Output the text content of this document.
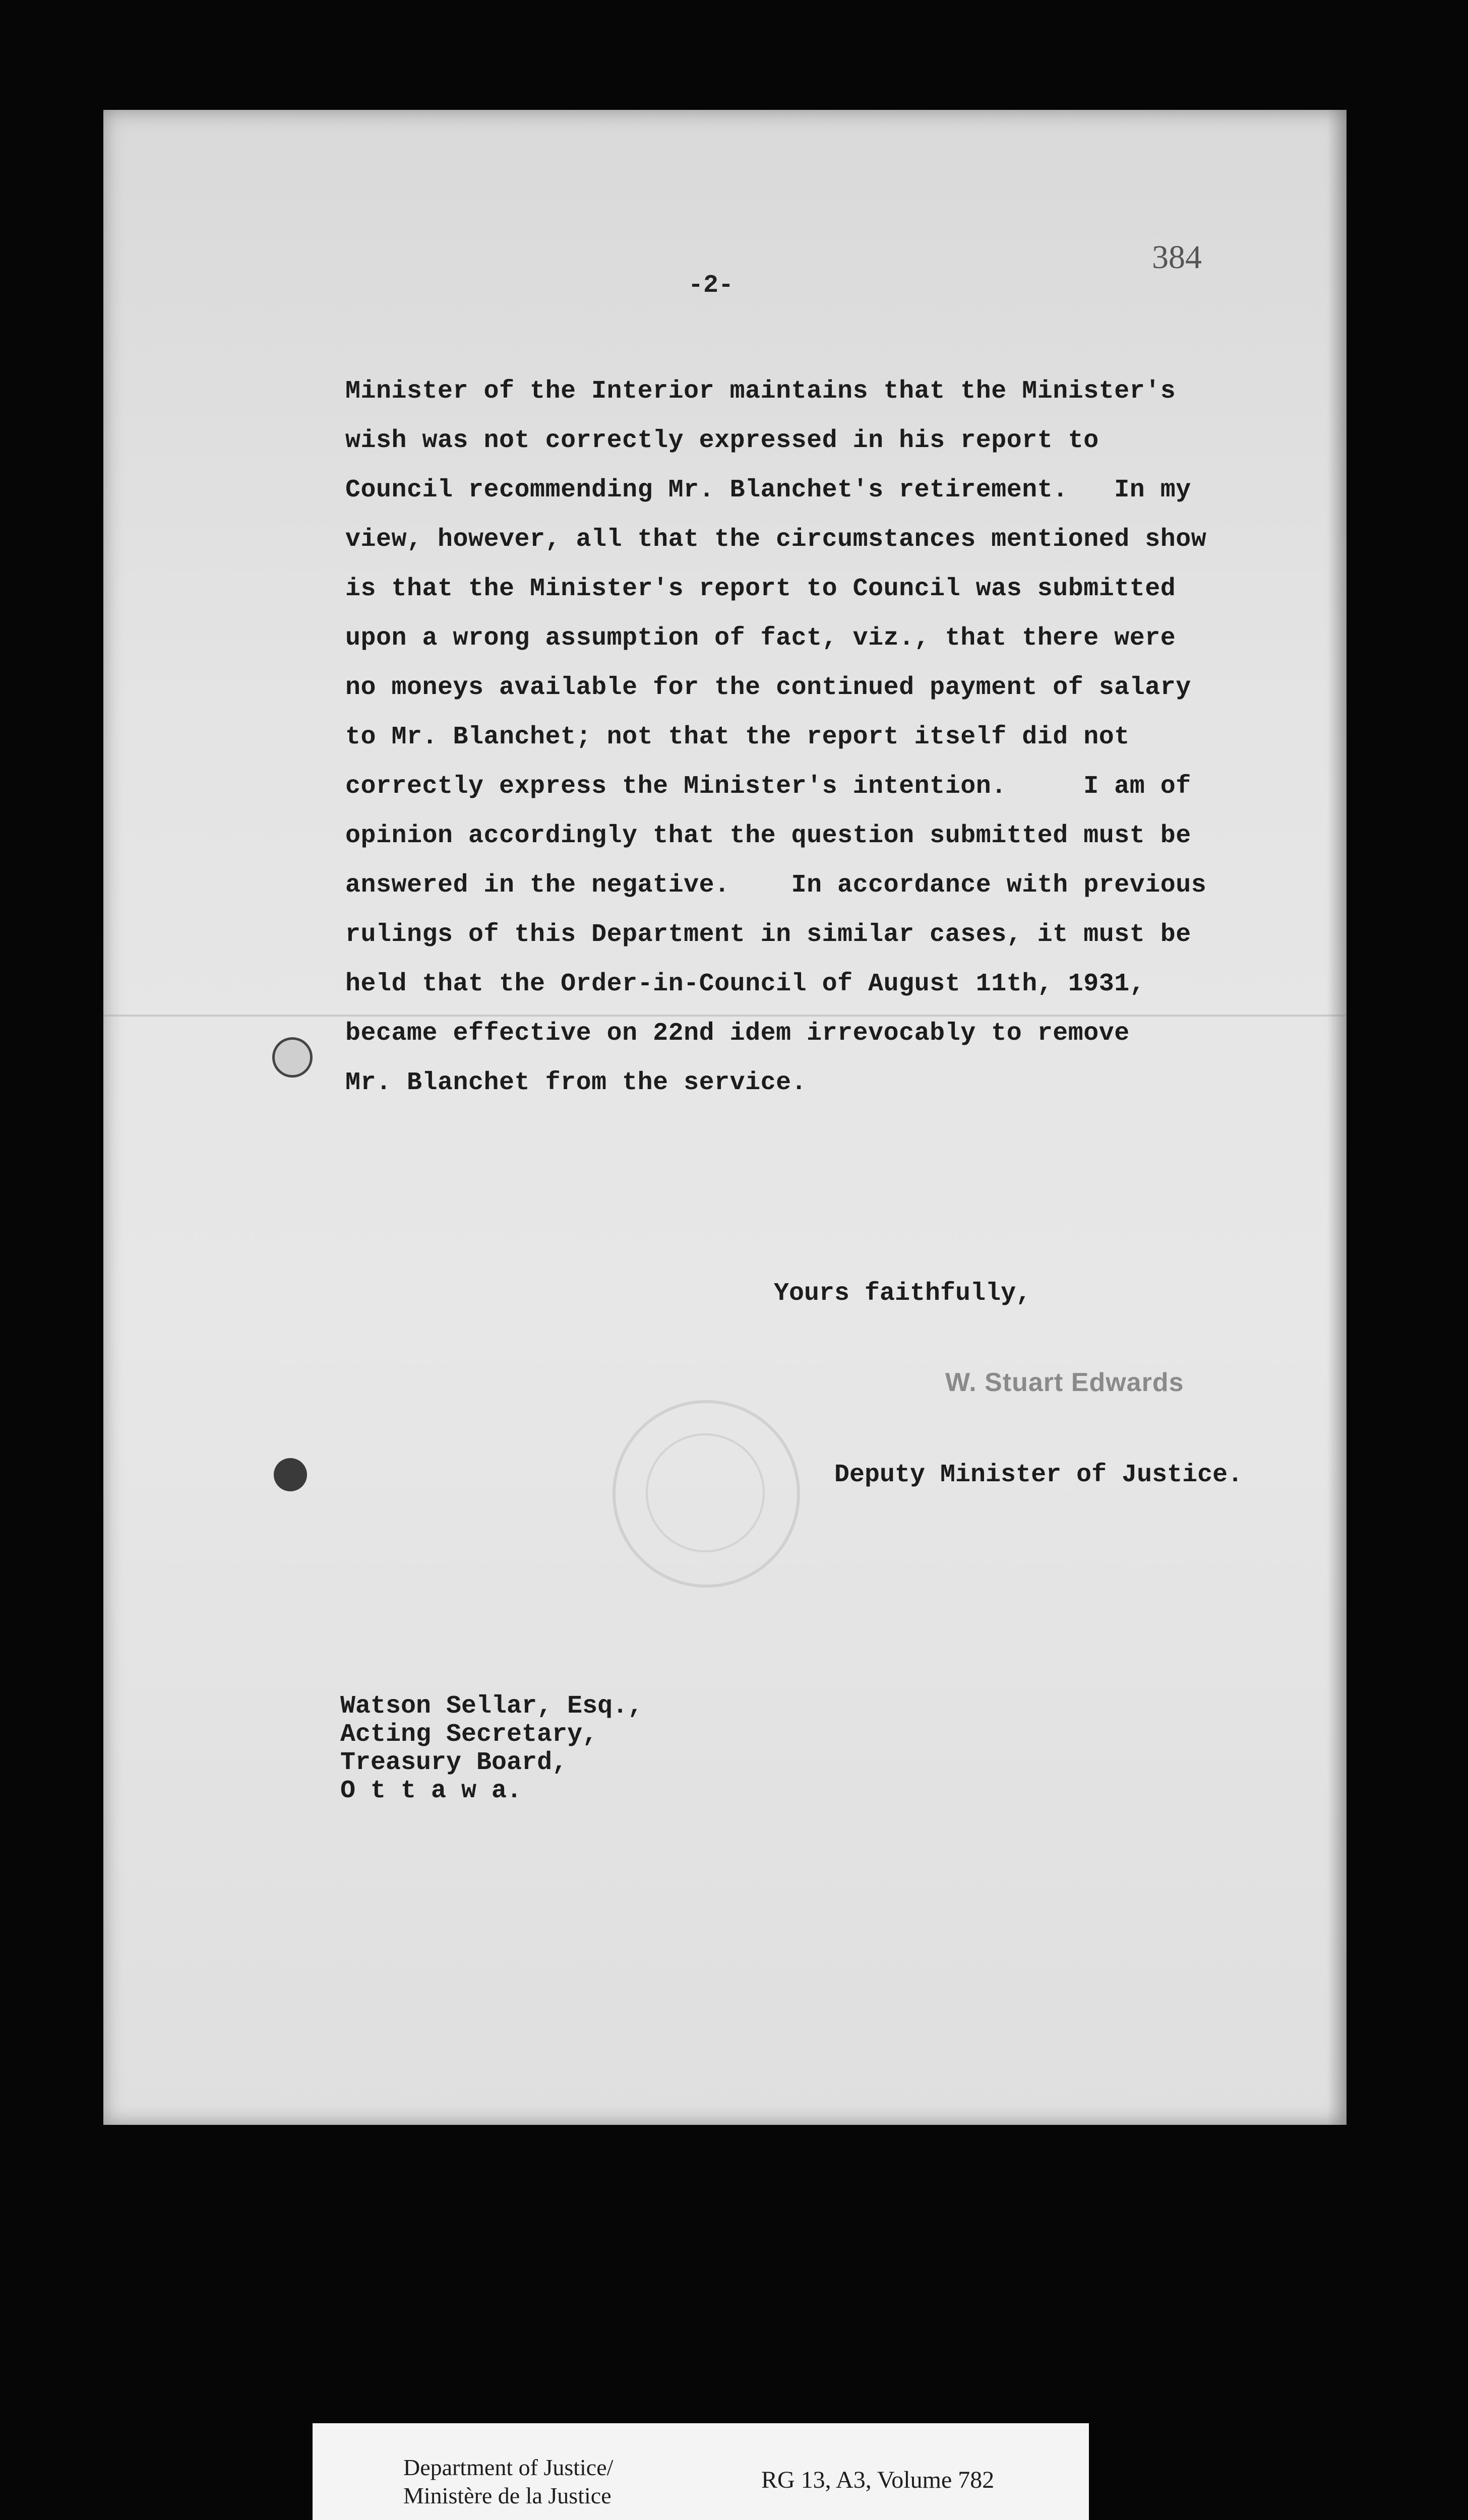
384
-2-
Minister of the Interior maintains that the Minister's
wish was not correctly expressed in his report to
Council recommending Mr. Blanchet's retirement.   In my
view, however, all that the circumstances mentioned show
is that the Minister's report to Council was submitted
upon a wrong assumption of fact, viz., that there were
no moneys available for the continued payment of salary
to Mr. Blanchet; not that the report itself did not
correctly express the Minister's intention.     I am of
opinion accordingly that the question submitted must be
answered in the negative.    In accordance with previous
rulings of this Department in similar cases, it must be
held that the Order-in-Council of August 11th, 1931,
became effective on 22nd idem irrevocably to remove
Mr. Blanchet from the service.
Yours faithfully,
W. Stuart Edwards
Deputy Minister of Justice.
Watson Sellar, Esq.,
Acting Secretary,
Treasury Board,
O t t a w a.
Department of Justice/
Ministère de la Justice
RG 13, A3, Volume 782
